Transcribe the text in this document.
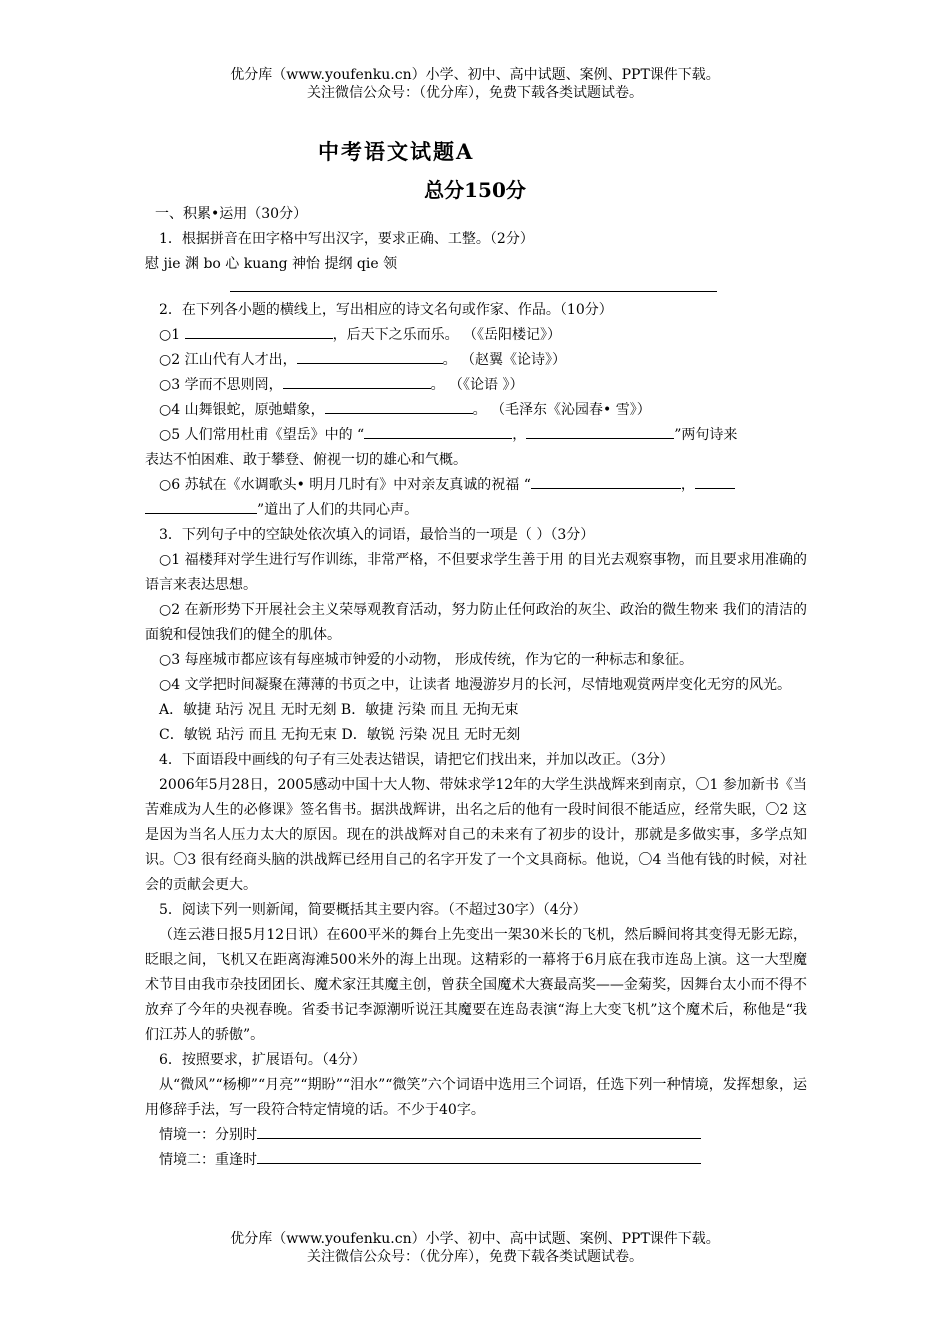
优分库（www.youfenku.cn）小学、初中、高中试题、案例、PPT课件下载。
关注微信公众号：（优分库），免费下载各类试题试卷。
中考语文试题A
总分150分
一、积累•运用（30分）
1．根据拼音在田字格中写出汉字，要求正确、工整。（2分）
慰 jie 渊 bo 心 kuang 神怡 提纲 qie 领
2．在下列各小题的横线上，写出相应的诗文名句或作家、作品。（10分）
○1	，后天下之乐而乐。 （《岳阳楼记》）
○2 江山代有人才出，	。 （赵翼《论诗》）
○3 学而不思则罔，	。 （《论语 》）
○4 山舞银蛇，原弛蜡象，	。 （毛泽东《沁园春• 雪》）
○5 人们常用杜甫《望岳》中的 “	，	”两句诗来
表达不怕困难、敢于攀登、俯视一切的雄心和气概。
○6 苏轼在《水调歌头• 明月几时有》中对亲友真诚的祝福 “	，
”道出了人们的共同心声。
3．下列句子中的空缺处依次填入的词语，最恰当的一项是（ ）（3分）
○1 福楼拜对学生进行写作训练，非常严格，不但要求学生善于用 的目光去观察事物，而且要求用准确的语言来表达思想。
○2 在新形势下开展社会主义荣辱观教育活动，努力防止任何政治的灰尘、政治的微生物来 我们的清洁的面貌和侵蚀我们的健全的肌体。
○3 每座城市都应该有每座城市钟爱的小动物， 形成传统，作为它的一种标志和象征。
○4 文学把时间凝聚在薄薄的书页之中，让读者 地漫游岁月的长河，尽情地观赏两岸变化无穷的风光。
A．敏捷 玷污 况且 无时无刻 B．敏捷 污染 而且 无拘无束
C．敏锐 玷污 而且 无拘无束 D．敏锐 污染 况且 无时无刻
4．下面语段中画线的句子有三处表达错误，请把它们找出来，并加以改正。（3分）
2006年5月28日，2005感动中国十大人物、带妹求学12年的大学生洪战辉来到南京，〇1 参加新书《当苦难成为人生的必修课》签名售书。据洪战辉讲，出名之后的他有一段时间很不能适应，经常失眠，〇2 这是因为当名人压力太大的原因。现在的洪战辉对自己的未来有了初步的设计，那就是多做实事，多学点知识。〇3 很有经商头脑的洪战辉已经用自己的名字开发了一个文具商标。他说，〇4 当他有钱的时候，对社会的贡献会更大。
5．阅读下列一则新闻，简要概括其主要内容。（不超过30字）（4分）
（连云港日报5月12日讯）在600平米的舞台上先变出一架30米长的飞机，然后瞬间将其变得无影无踪，眨眼之间，飞机又在距离海滩500米外的海上出现。这精彩的一幕将于6月底在我市连岛上演。这一大型魔术节目由我市杂技团团长、魔术家汪其魔主创，曾获全国魔术大赛最高奖——金菊奖，因舞台太小而不得不放弃了今年的央视春晚。省委书记李源潮听说汪其魔要在连岛表演“海上大变飞机”这个魔术后，称他是“我们江苏人的骄傲”。
6．按照要求，扩展语句。（4分）
从“微风”“杨柳”“月亮”“期盼”“泪水”“微笑”六个词语中选用三个词语，任选下列一种情境，发挥想象，运用修辞手法，写一段符合特定情境的话。不少于40字。
情境一：分别时
情境二：重逢时
优分库（www.youfenku.cn）小学、初中、高中试题、案例、PPT课件下载。
关注微信公众号：（优分库），免费下载各类试题试卷。
